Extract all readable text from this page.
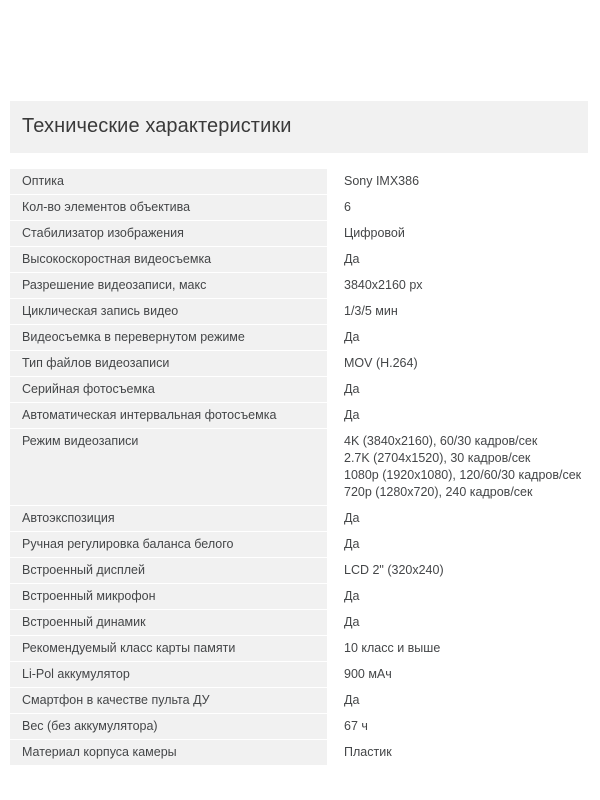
Технические характеристики
Оптика	Sony IMX386

Кол-во элементов объектива	6

Стабилизатор изображения	Цифровой

Высокоскоростная видеосъемка	Да

Разрешение видеозаписи, макс	3840x2160 px

Циклическая запись видео	1/3/5 мин

Видеосъемка в перевернутом режиме	Да

Тип файлов видеозаписи	MOV (H.264)

Серийная фотосъемка	Да

Автоматическая интервальная фотосъемка	Да

Режим видеозаписи	4K (3840x2160), 60/30 кадров/сек
2.7K (2704x1520), 30 кадров/сек
1080p (1920x1080), 120/60/30 кадров/сек
720p (1280x720), 240 кадров/сек

Автоэкспозиция	Да

Ручная регулировка баланса белого	Да

Встроенный дисплей	LCD 2" (320x240)

Встроенный микрофон	Да

Встроенный динамик	Да

Рекомендуемый класс карты памяти	10 класс и выше

Li-Pol аккумулятор	900 мАч

Смартфон в качестве пульта ДУ	Да

Вес (без аккумулятора)	67 ч

Материал корпуса камеры	Пластик
